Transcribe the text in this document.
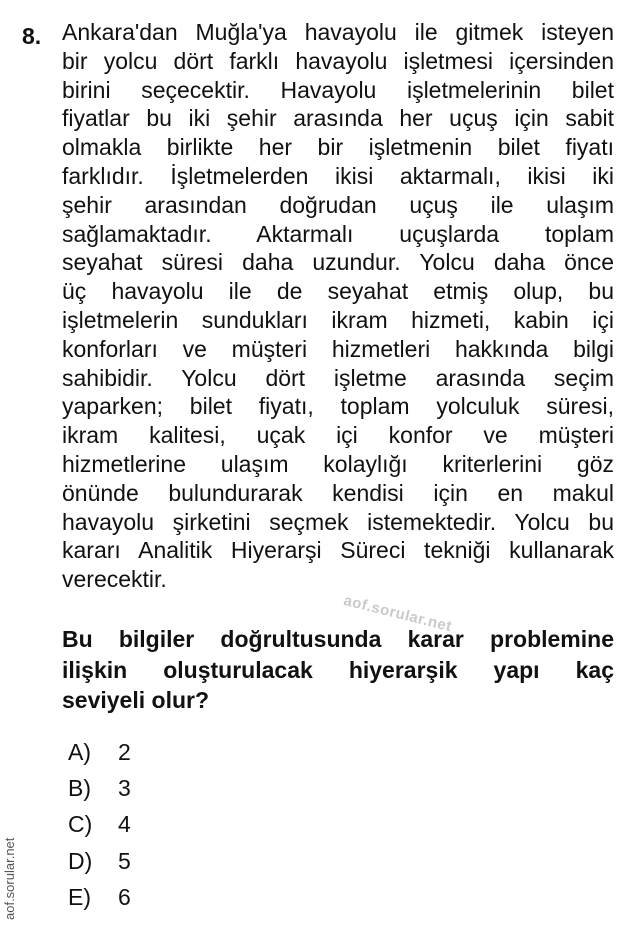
8. Ankara'dan Muğla'ya havayolu ile gitmek isteyen
bir yolcu dört farklı havayolu işletmesi içersinden
birini seçecektir. Havayolu işletmelerinin bilet
fiyatlar bu iki şehir arasında her uçuş için sabit
olmakla birlikte her bir işletmenin bilet fiyatı
farklıdır. İşletmelerden ikisi aktarmalı, ikisi iki
şehir arasından doğrudan uçuş ile ulaşım
sağlamaktadır. Aktarmalı uçuşlarda toplam
seyahat süresi daha uzundur. Yolcu daha önce
üç havayolu ile de seyahat etmiş olup, bu
işletmelerin sundukları ikram hizmeti, kabin içi
konforları ve müşteri hizmetleri hakkında bilgi
sahibidir. Yolcu dört işletme arasında seçim
yaparken; bilet fiyatı, toplam yolculuk süresi,
ikram kalitesi, uçak içi konfor ve müşteri
hizmetlerine ulaşım kolaylığı kriterlerini göz
önünde bulundurarak kendisi için en makul
havayolu şirketini seçmek istemektedir. Yolcu bu
kararı Analitik Hiyerarşi Süreci tekniği kullanarak
verecektir.
aof.sorular.net
Bu bilgiler doğrultusunda karar problemine
ilişkin oluşturulacak hiyerarşik yapı kaç
seviyeli olur?
A) 2
B) 3
C) 4
D) 5
E) 6
aof.sorular.net
